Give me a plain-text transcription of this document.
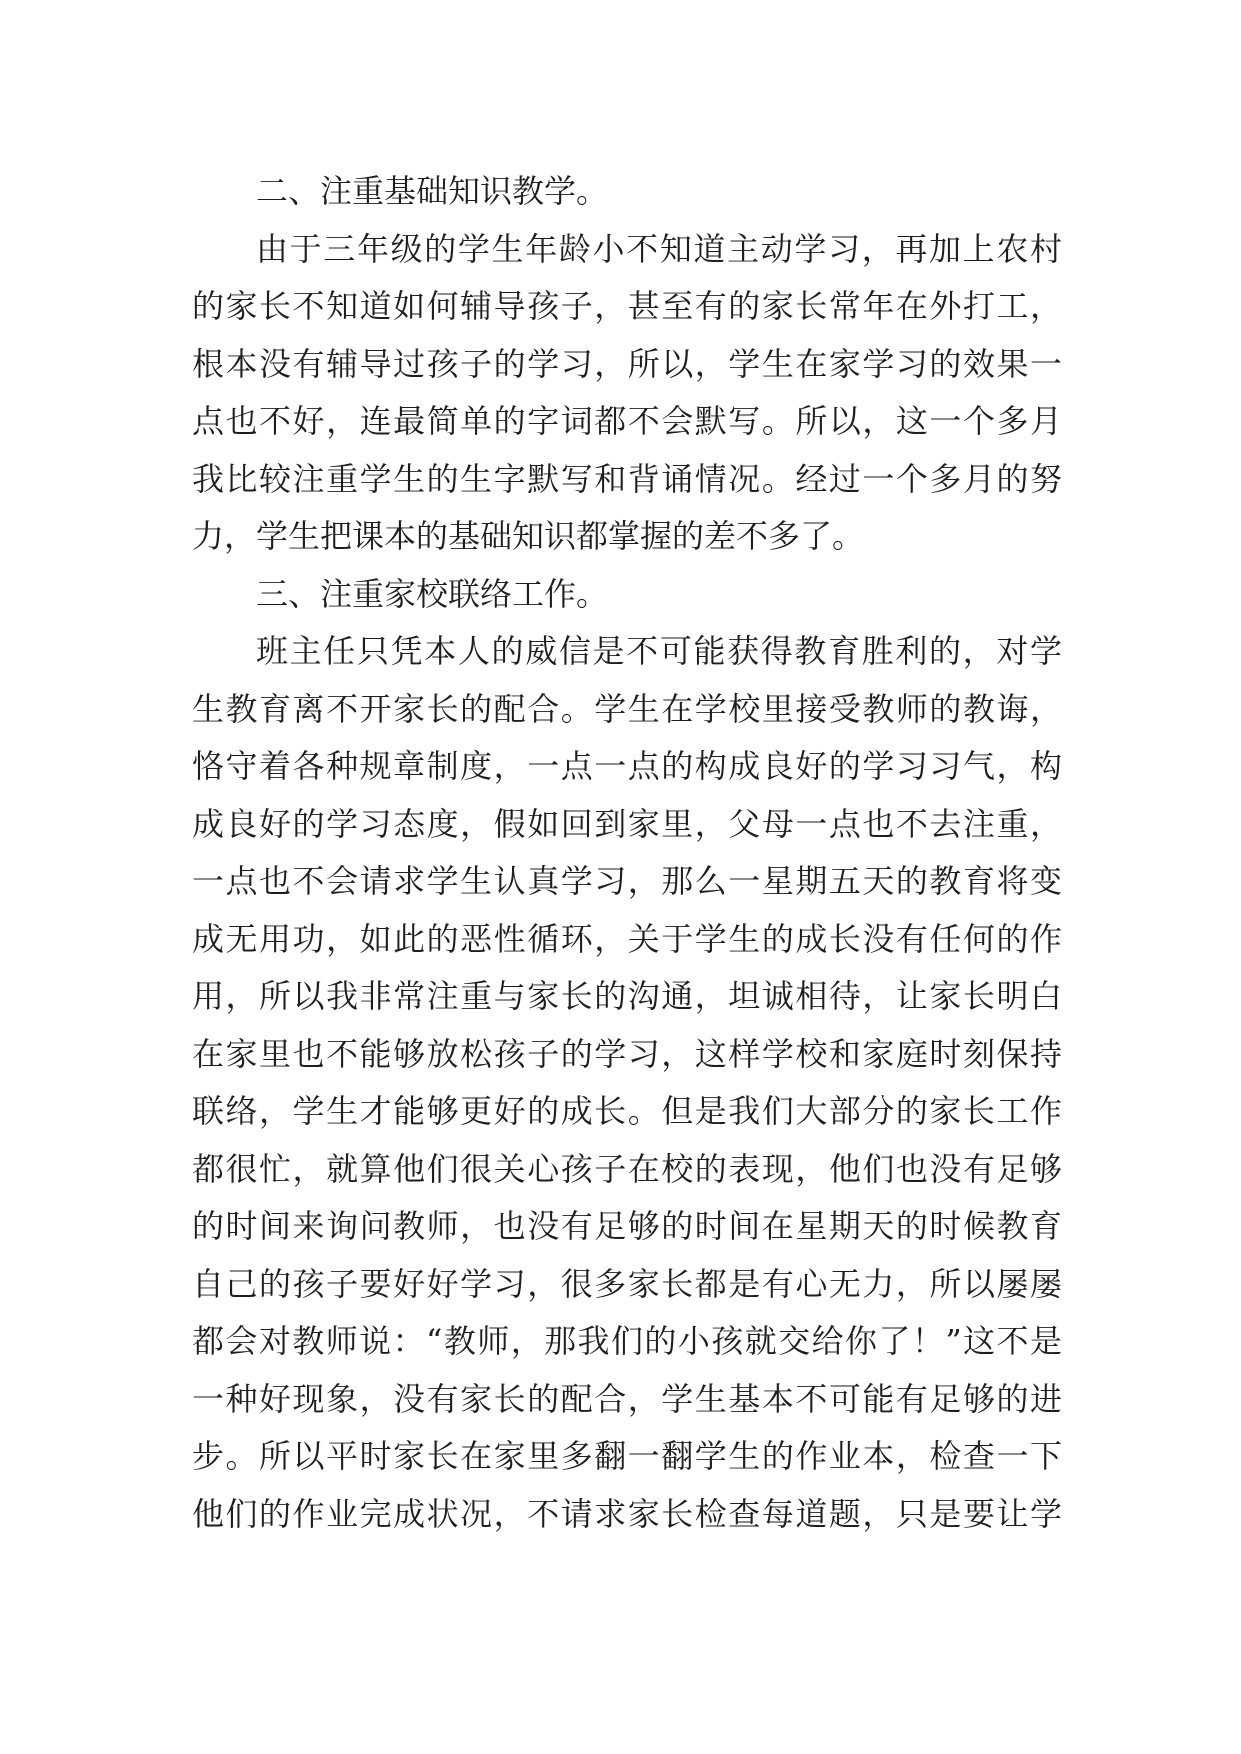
二、注重基础知识教学。
由于三年级的学生年龄小不知道主动学习，再加上农村
的家长不知道如何辅导孩子，甚至有的家长常年在外打工，
根本没有辅导过孩子的学习，所以，学生在家学习的效果一
点也不好，连最简单的字词都不会默写。所以，这一个多月
我比较注重学生的生字默写和背诵情况。经过一个多月的努
力，学生把课本的基础知识都掌握的差不多了。
三、注重家校联络工作。
班主任只凭本人的威信是不可能获得教育胜利的，对学
生教育离不开家长的配合。学生在学校里接受教师的教诲，
恪守着各种规章制度，一点一点的构成良好的学习习气，构
成良好的学习态度，假如回到家里，父母一点也不去注重，
一点也不会请求学生认真学习，那么一星期五天的教育将变
成无用功，如此的恶性循环，关于学生的成长没有任何的作
用，所以我非常注重与家长的沟通，坦诚相待，让家长明白
在家里也不能够放松孩子的学习，这样学校和家庭时刻保持
联络，学生才能够更好的成长。但是我们大部分的家长工作
都很忙，就算他们很关心孩子在校的表现，他们也没有足够
的时间来询问教师，也没有足够的时间在星期天的时候教育
自己的孩子要好好学习，很多家长都是有心无力，所以屡屡
都会对教师说：“教师，那我们的小孩就交给你了！”这不是
一种好现象，没有家长的配合，学生基本不可能有足够的进
步。所以平时家长在家里多翻一翻学生的作业本，检查一下
他们的作业完成状况，不请求家长检查每道题，只是要让学
